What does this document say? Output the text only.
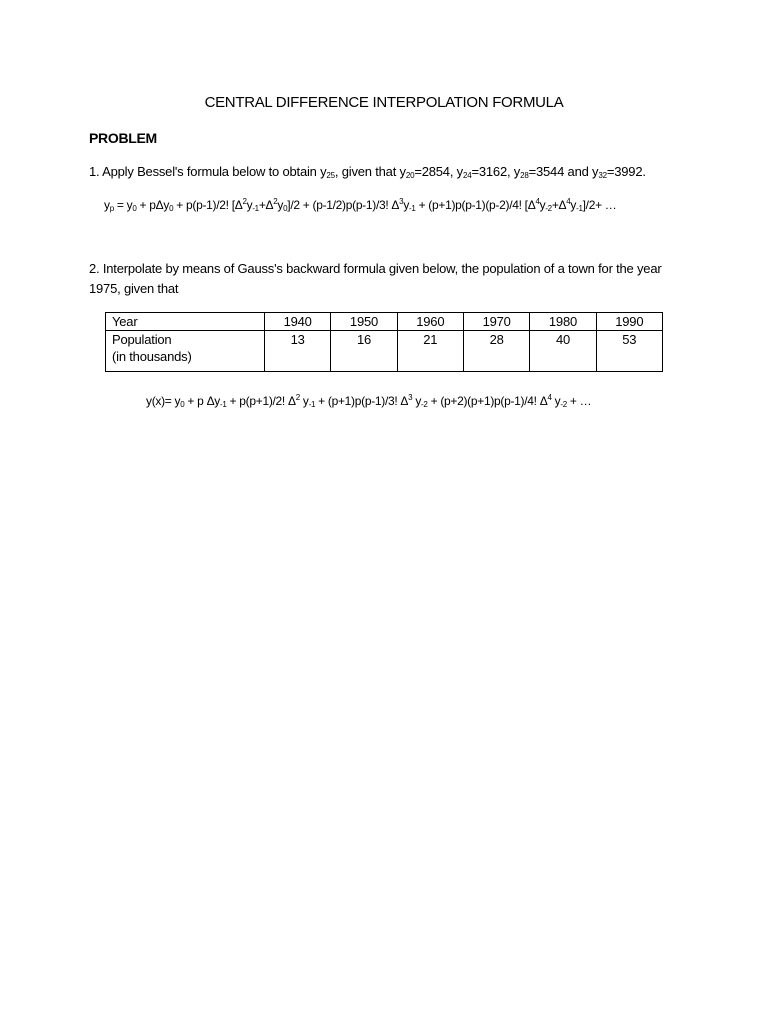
CENTRAL DIFFERENCE INTERPOLATION FORMULA
PROBLEM
1. Apply Bessel's formula below to obtain $y_{25}$, given that $y_{20}=2854$, $y_{24}=3162$, $y_{28}=3544$ and $y_{32}=3992$.
$y_p = y_0 + p\Delta y_0 + p(p-1)/2$! $[\Delta^2y_{-1}+\Delta^2y_0]/2 + (p-1/2)p(p-1)/3$! $\Delta^3y_{-1} + (p+1)p(p-1)(p-2)/4$! $[\Delta^4y_{-2}+\Delta^4y_{-1}]/2+$ …
2. Interpolate by means of Gauss's backward formula given below, the population of a town for the year
1975, given that
Year	1940	1950	1960	1970	1980	1990

Population
(in thousands)	13	16	21	28	40	53
$y(x)= y_0 + p$ $\Delta y_{-1} + p(p+1)/2$! $\Delta^2$ $y_{-1} + (p+1)p(p-1)/3$! $\Delta^3$ $y_{-2} + (p+2)(p+1)p(p-1)/4$! $\Delta^4$ $y_{-2}$ + …
